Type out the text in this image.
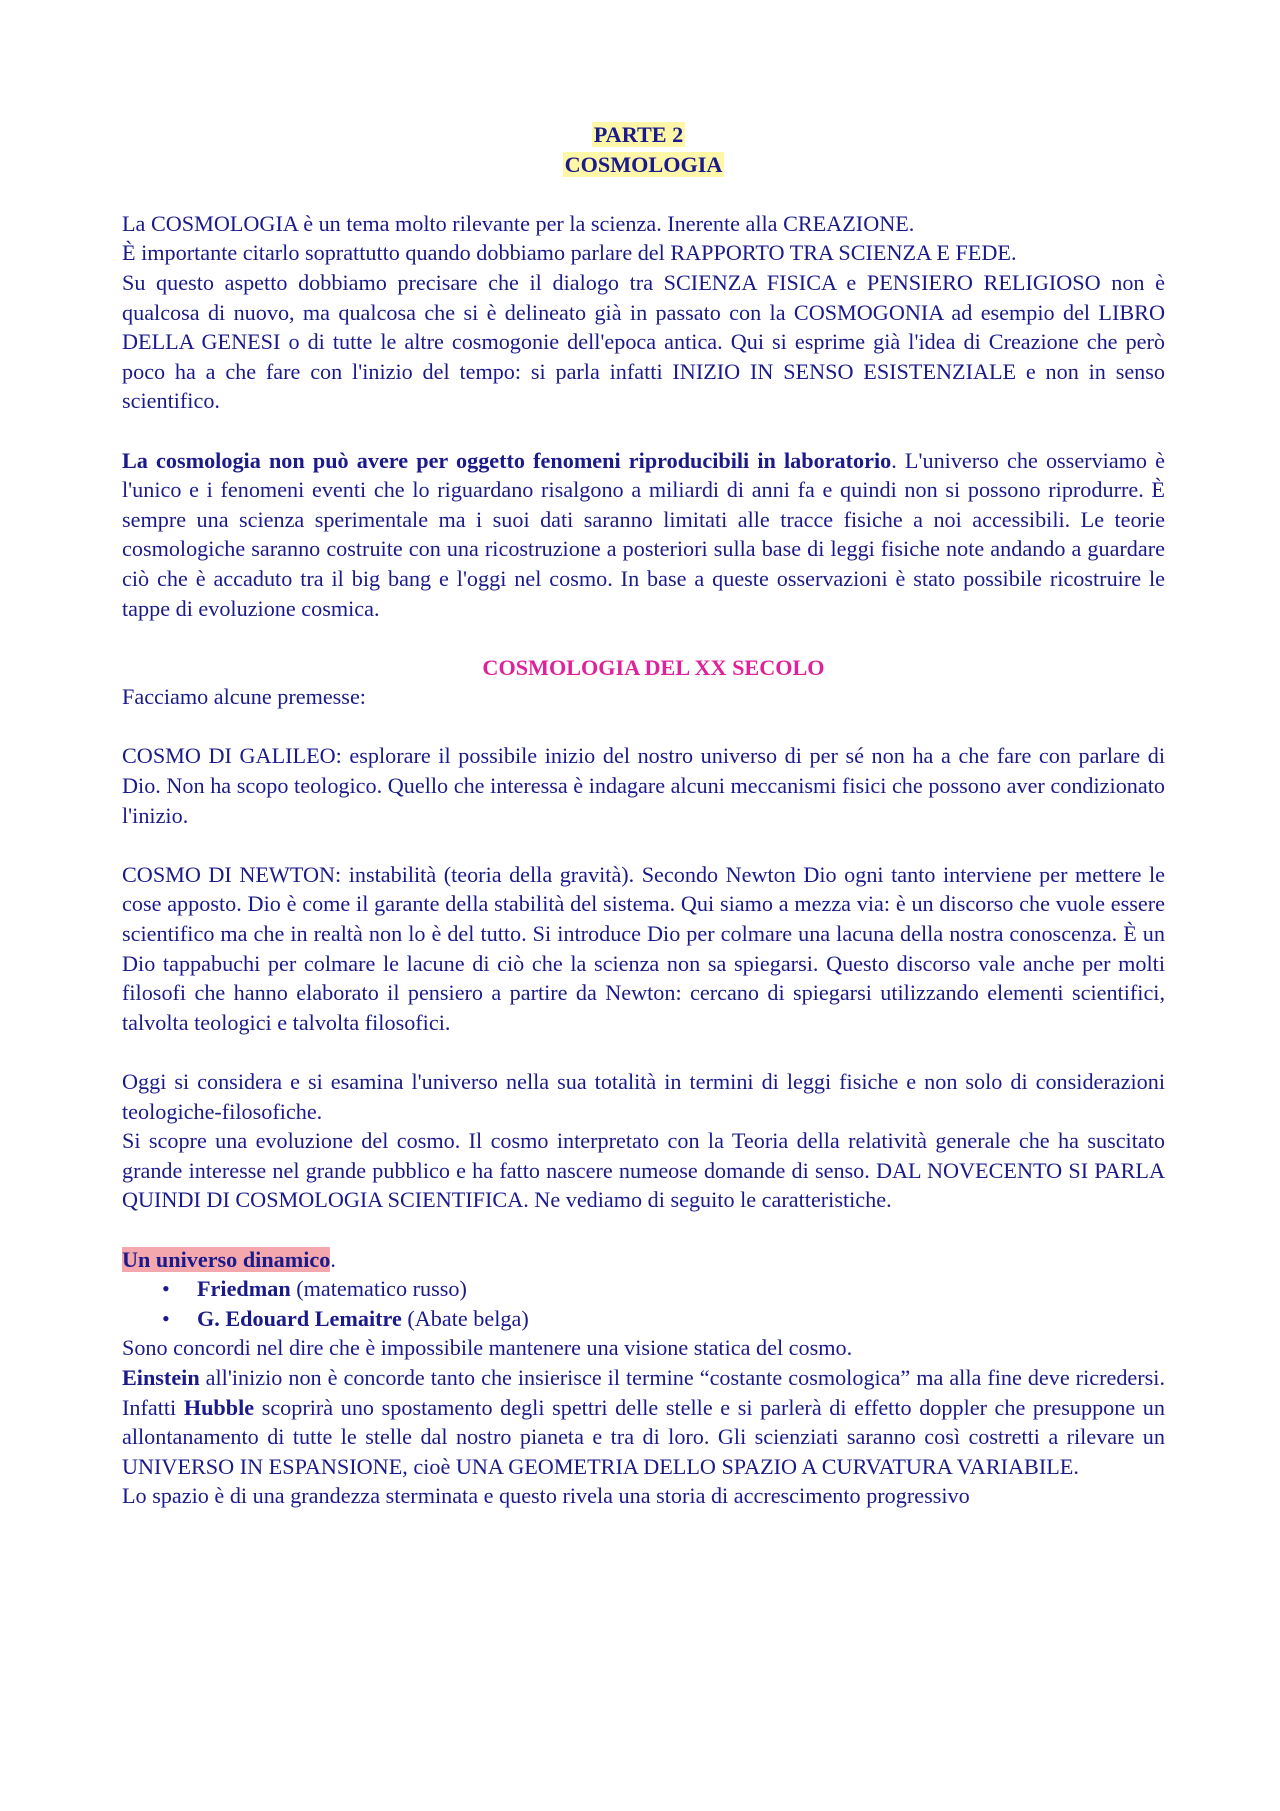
PARTE 2

COSMOLOGIA

La COSMOLOGIA è un tema molto rilevante per la scienza. Inerente alla CREAZIONE.

È importante citarlo soprattutto quando dobbiamo parlare del RAPPORTO TRA SCIENZA E FEDE.

Su questo aspetto dobbiamo precisare che il dialogo tra SCIENZA FISICA e PENSIERO RELIGIOSO non è qualcosa di nuovo, ma qualcosa che si è delineato già in passato con la COSMOGONIA ad esempio del LIBRO DELLA GENESI o di tutte le altre cosmogonie dell'epoca antica. Qui si esprime già l'idea di Creazione che però poco ha a che fare con l'inizio del tempo: si parla infatti INIZIO IN SENSO ESISTENZIALE e non in senso scientifico.

La cosmologia non può avere per oggetto fenomeni riproducibili in laboratorio. L'universo che osserviamo è l'unico e i fenomeni eventi che lo riguardano risalgono a miliardi di anni fa e quindi non si possono riprodurre. È sempre una scienza sperimentale ma i suoi dati saranno limitati alle tracce fisiche a noi accessibili. Le teorie cosmologiche saranno costruite con una ricostruzione a posteriori sulla base di leggi fisiche note andando a guardare ciò che è accaduto tra il big bang e l'oggi nel cosmo. In base a queste osservazioni è stato possibile ricostruire le tappe di evoluzione cosmica.

COSMOLOGIA DEL XX SECOLO

Facciamo alcune premesse:

COSMO DI GALILEO: esplorare il possibile inizio del nostro universo di per sé non ha a che fare con parlare di Dio. Non ha scopo teologico. Quello che interessa è indagare alcuni meccanismi fisici che possono aver condizionato l'inizio.

COSMO DI NEWTON: instabilità (teoria della gravità). Secondo Newton Dio ogni tanto interviene per mettere le cose apposto. Dio è come il garante della stabilità del sistema. Qui siamo a mezza via: è un discorso che vuole essere scientifico ma che in realtà non lo è del tutto. Si introduce Dio per colmare una lacuna della nostra conoscenza. È un Dio tappabuchi per colmare le lacune di ciò che la scienza non sa spiegarsi. Questo discorso vale anche per molti filosofi che hanno elaborato il pensiero a partire da Newton: cercano di spiegarsi utilizzando elementi scientifici, talvolta teologici e talvolta filosofici.

Oggi si considera e si esamina l'universo nella sua totalità in termini di leggi fisiche e non solo di considerazioni teologiche-filosofiche.

Si scopre una evoluzione del cosmo. Il cosmo interpretato con la Teoria della relatività generale che ha suscitato grande interesse nel grande pubblico e ha fatto nascere numeose domande di senso. DAL NOVECENTO SI PARLA QUINDI DI COSMOLOGIA SCIENTIFICA. Ne vediamo di seguito le caratteristiche.

Un universo dinamico.

• Friedman (matematico russo)
• G. Edouard Lemaitre (Abate belga)

Sono concordi nel dire che è impossibile mantenere una visione statica del cosmo.

Einstein all'inizio non è concorde tanto che insierisce il termine “costante cosmologica” ma alla fine deve ricredersi. Infatti Hubble scoprirà uno spostamento degli spettri delle stelle e si parlerà di effetto doppler che presuppone un allontanamento di tutte le stelle dal nostro pianeta e tra di loro. Gli scienziati saranno così costretti a rilevare un UNIVERSO IN ESPANSIONE, cioè UNA GEOMETRIA DELLO SPAZIO A CURVATURA VARIABILE.

Lo spazio è di una grandezza sterminata e questo rivela una storia di accrescimento progressivo
